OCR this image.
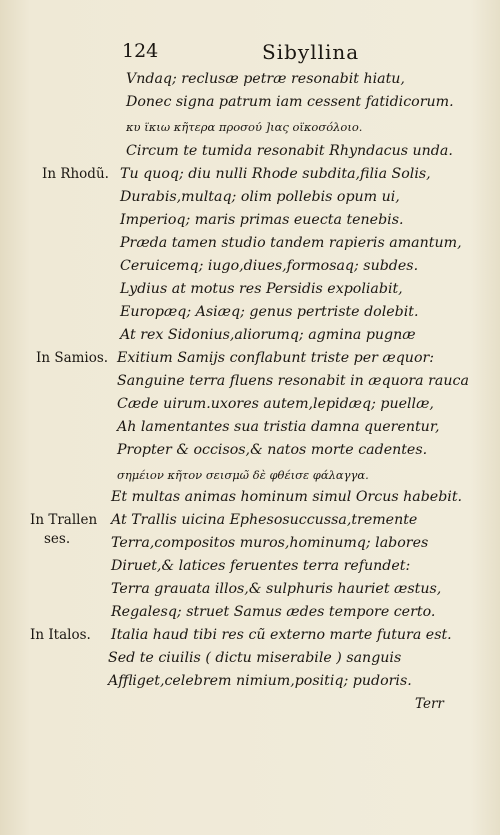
124	Sibyllina
Vndaq; reclusæ petræ resonabit hiatu,
Donec signa patrum iam cessent fatidicorum.
κυ ϊκιω κη̃τερα προσού ]ιας οϊκοσόλοιο.
Circum te tumida resonabit Rhyndacus unda.
Tu quoq; diu nulli Rhode subdita,filia Solis,
Durabis,multaq; olim pollebis opum ui,
Imperioq; maris primas euecta tenebis.
Præda tamen studio tandem rapieris amantum,
Ceruicemq; iugo,diues,formosaq; subdes.
Lydius at motus res Persidis expoliabit,
Europæq; Asiæq; genus pertriste dolebit.
At rex Sidonius,aliorumq; agmina pugnæ
Exitium Samijs conflabunt triste per æquor:
Sanguine terra fluens resonabit in æquora rauca
Cæde uirum.uxores autem,lepidæq; puellæ,
Ah lamentantes sua tristia damna querentur,
Propter & occisos,& natos morte cadentes.
σημέιον κη̃τον σεισμω̃ δὲ φθέισε φάλαγγα.
Et multas animas hominum simul Orcus habebit.
At Trallis uicina Ephesosuccussa,tremente
Terra,compositos muros,hominumq; labores
Diruet,& latices feruentes terra refundet:
Terra grauata illos,& sulphuris hauriet æstus,
Regalesq; struet Samus ædes tempore certo.
Italia haud tibi res cũ externo marte futura est.
Sed te ciuilis ( dictu miserabile ) sanguis
Affliget,celebrem nimium,positiq; pudoris.
In Rhodũ.
In Samios.
In Trallen
ses.
In Italos.
Terr
